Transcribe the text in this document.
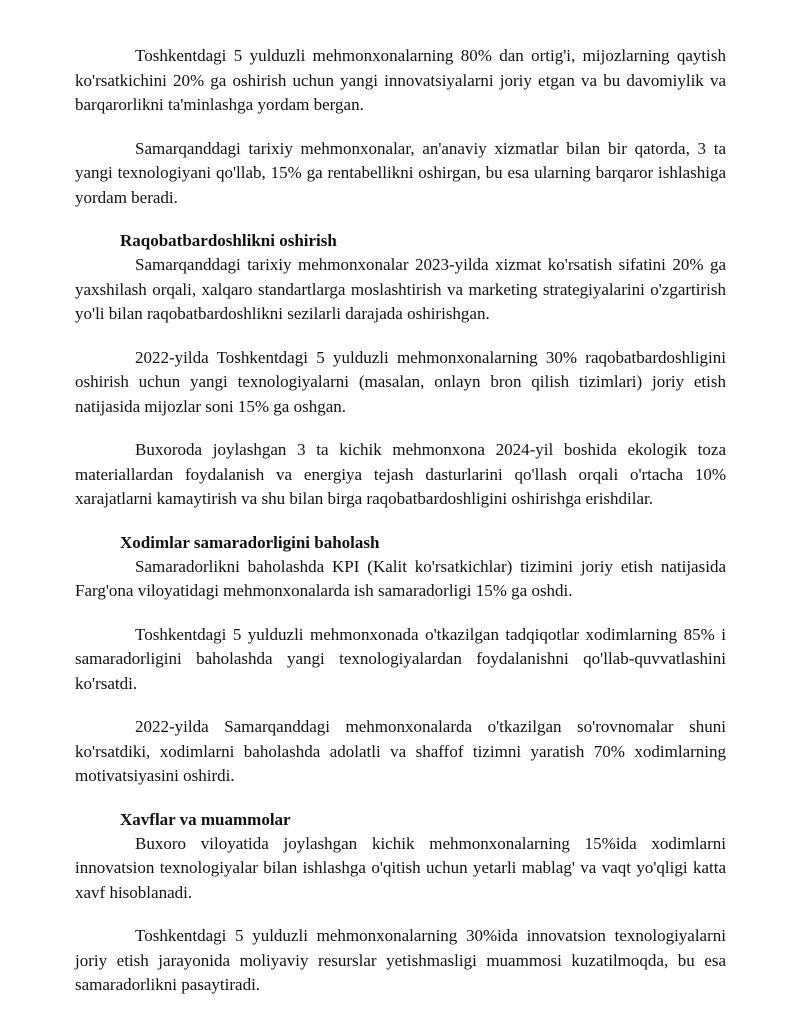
Toshkentdagi 5 yulduzli mehmonxonalarning 80% dan ortig'i, mijozlarning qaytish ko'rsatkichini 20% ga oshirish uchun yangi innovatsiyalarni joriy etgan va bu davomiylik va barqarorlikni ta'minlashga yordam bergan.

Samarqanddagi tarixiy mehmonxonalar, an'anaviy xizmatlar bilan bir qatorda, 3 ta yangi texnologiyani qo'llab, 15% ga rentabellikni oshirgan, bu esa ularning barqaror ishlashiga yordam beradi.

Raqobatbardoshlikni oshirish

Samarqanddagi tarixiy mehmonxonalar 2023-yilda xizmat ko'rsatish sifatini 20% ga yaxshilash orqali, xalqaro standartlarga moslashtirish va marketing strategiyalarini o'zgartirish yo'li bilan raqobatbardoshlikni sezilarli darajada oshirishgan.

2022-yilda Toshkentdagi 5 yulduzli mehmonxonalarning 30% raqobatbardoshligini oshirish uchun yangi texnologiyalarni (masalan, onlayn bron qilish tizimlari) joriy etish natijasida mijozlar soni 15% ga oshgan.

Buxoroda joylashgan 3 ta kichik mehmonxona 2024-yil boshida ekologik toza materiallardan foydalanish va energiya tejash dasturlarini qo'llash orqali o'rtacha 10% xarajatlarni kamaytirish va shu bilan birga raqobatbardoshligini oshirishga erishdilar.

Xodimlar samaradorligini baholash

Samaradorlikni baholashda KPI (Kalit ko'rsatkichlar) tizimini joriy etish natijasida Farg'ona viloyatidagi mehmonxonalarda ish samaradorligi 15% ga oshdi.

Toshkentdagi 5 yulduzli mehmonxonada o'tkazilgan tadqiqotlar xodimlarning 85% i samaradorligini baholashda yangi texnologiyalardan foydalanishni qo'llab-quvvatlashini ko'rsatdi.

2022-yilda Samarqanddagi mehmonxonalarda o'tkazilgan so'rovnomalar shuni ko'rsatdiki, xodimlarni baholashda adolatli va shaffof tizimni yaratish 70% xodimlarning motivatsiyasini oshirdi.

Xavflar va muammolar

Buxoro viloyatida joylashgan kichik mehmonxonalarning 15%ida xodimlarni innovatsion texnologiyalar bilan ishlashga o'qitish uchun yetarli mablag' va vaqt yo'qligi katta xavf hisoblanadi.

Toshkentdagi 5 yulduzli mehmonxonalarning 30%ida innovatsion texnologiyalarni joriy etish jarayonida moliyaviy resurslar yetishmasligi muammosi kuzatilmoqda, bu esa samaradorlikni pasaytiradi.
